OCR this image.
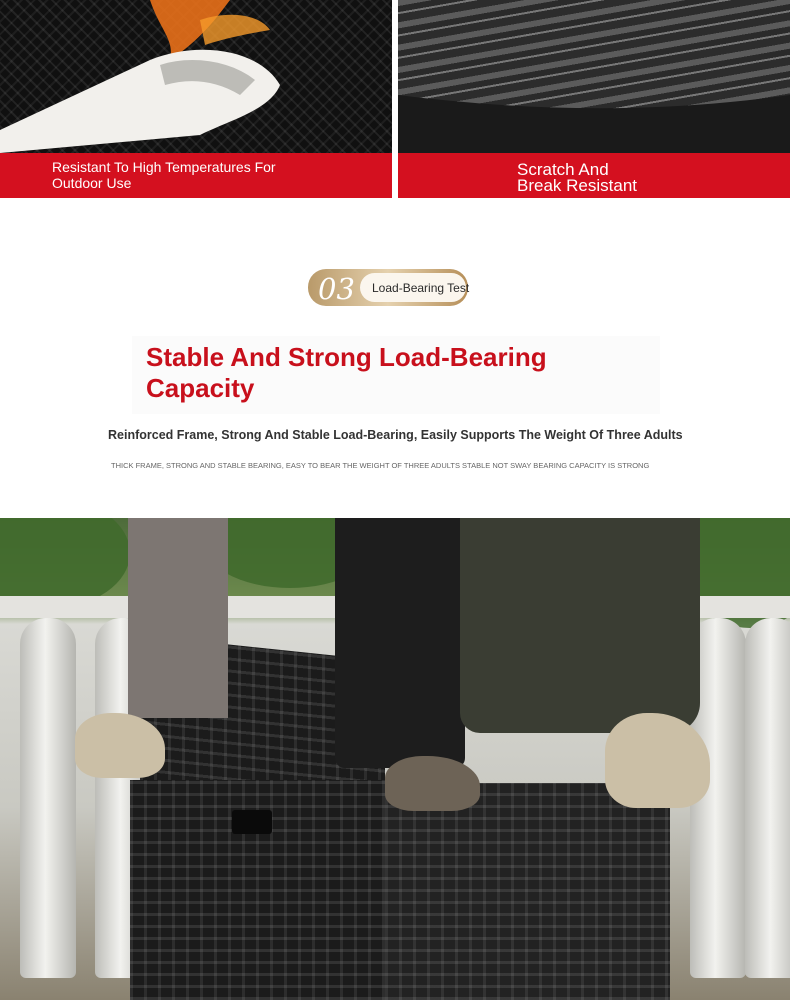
Resistant To High Temperatures For
Outdoor Use
Scratch And
Break Resistant
03 Load-Bearing Test
Stable And Strong Load-Bearing
Capacity
Reinforced Frame, Strong And Stable Load-Bearing, Easily Supports The Weight Of Three Adults
THICK FRAME, STRONG AND STABLE BEARING, EASY TO BEAR THE WEIGHT OF THREE ADULTS STABLE NOT SWAY BEARING CAPACITY IS STRONG
